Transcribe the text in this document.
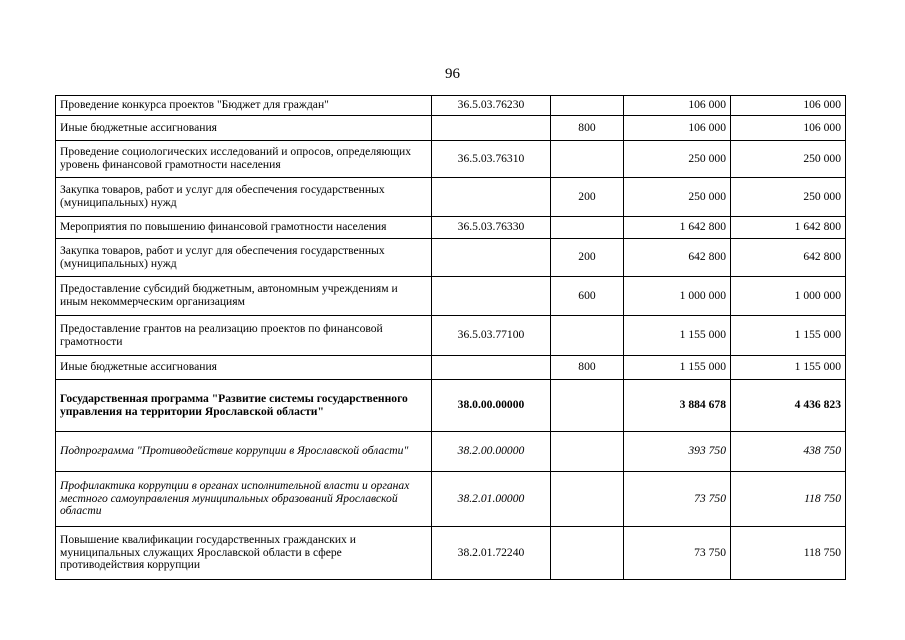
96
Проведение конкурса проектов "Бюджет для граждан"	36.5.03.76230		106 000	106 000
Иные бюджетные ассигнования		800	106 000	106 000
Проведение социологических исследований и опросов, определяющих уровень финансовой грамотности населения	36.5.03.76310		250 000	250 000
Закупка товаров, работ и услуг для обеспечения государственных (муниципальных) нужд		200	250 000	250 000
Мероприятия по повышению финансовой грамотности населения	36.5.03.76330		1 642 800	1 642 800
Закупка товаров, работ и услуг для обеспечения государственных (муниципальных) нужд		200	642 800	642 800
Предоставление субсидий бюджетным, автономным учреждениям и иным некоммерческим организациям		600	1 000 000	1 000 000
Предоставление грантов на реализацию проектов по финансовой грамотности	36.5.03.77100		1 155 000	1 155 000
Иные бюджетные ассигнования		800	1 155 000	1 155 000
Государственная программа "Развитие системы государственного управления на территории Ярославской области"	38.0.00.00000		3 884 678	4 436 823
Подпрограмма "Противодействие коррупции в Ярославской области"	38.2.00.00000		393 750	438 750
Профилактика коррупции в органах исполнительной власти и органах местного самоуправления муниципальных образований Ярославской области	38.2.01.00000		73 750	118 750
Повышение квалификации государственных гражданских и муниципальных служащих Ярославской области в сфере противодействия коррупции	38.2.01.72240		73 750	118 750
